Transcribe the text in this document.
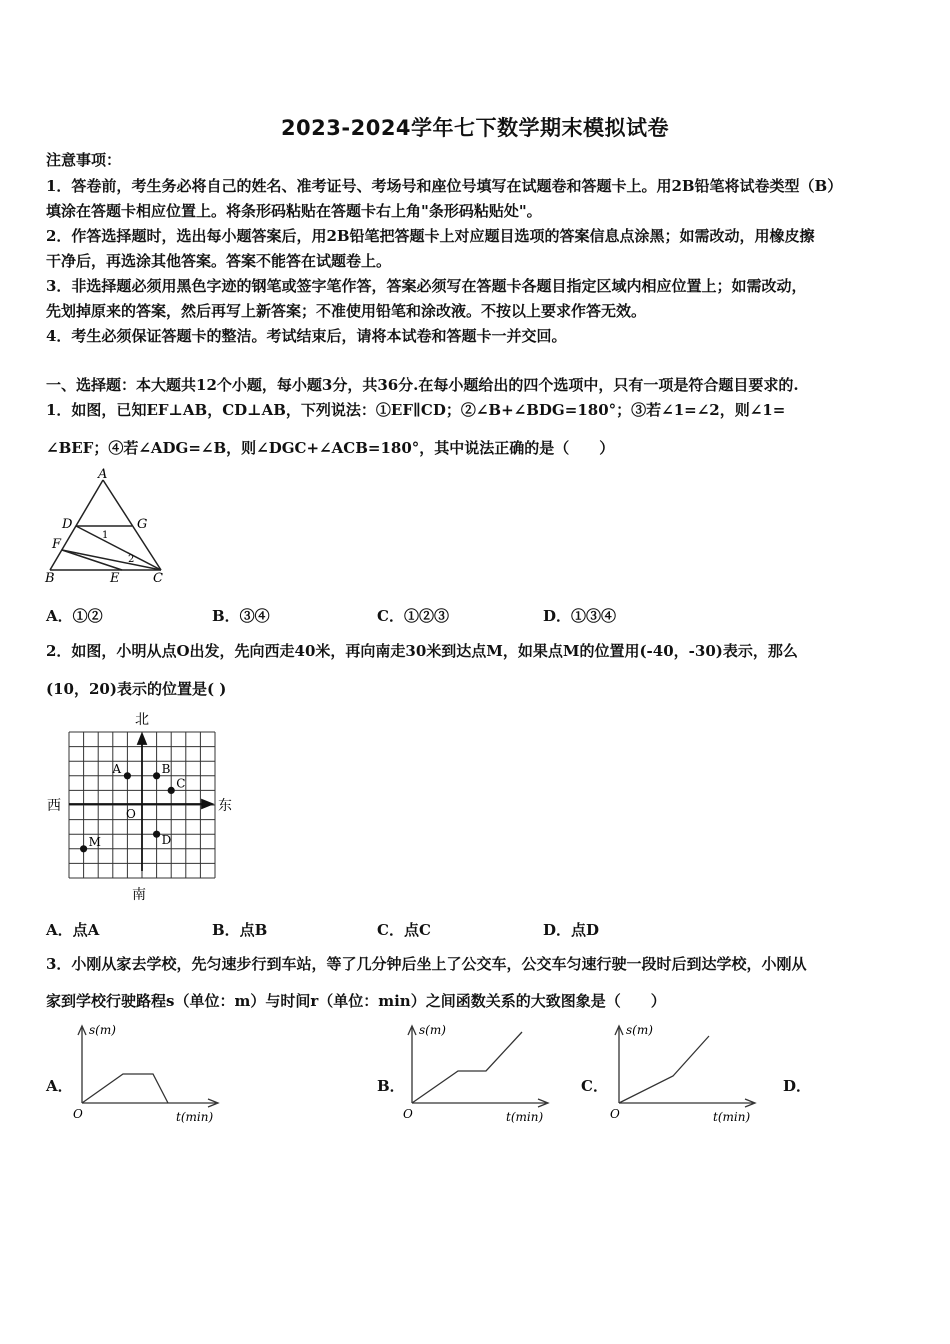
2023-2024学年七下数学期末模拟试卷
注意事项：
1．答卷前，考生务必将自己的姓名、准考证号、考场号和座位号填写在试题卷和答题卡上。用2B铅笔将试卷类型（B）
填涂在答题卡相应位置上。将条形码粘贴在答题卡右上角"条形码粘贴处"。
2．作答选择题时，选出每小题答案后，用2B铅笔把答题卡上对应题目选项的答案信息点涂黑；如需改动，用橡皮擦
干净后，再选涂其他答案。答案不能答在试题卷上。
3．非选择题必须用黑色字迹的钢笔或签字笔作答，答案必须写在答题卡各题目指定区域内相应位置上；如需改动，
先划掉原来的答案，然后再写上新答案；不准使用铅笔和涂改液。不按以上要求作答无效。
4．考生必须保证答题卡的整洁。考试结束后，请将本试卷和答题卡一并交回。
一、选择题：本大题共12个小题，每小题3分，共36分.在每小题给出的四个选项中，只有一项是符合题目要求的.
1．如图，已知EF⊥AB，CD⊥AB，下列说法：①EF∥CD；②∠B+∠BDG=180°；③若∠1=∠2，则∠1=
∠BEF；④若∠ADG=∠B，则∠DGC+∠ACB=180°，其中说法正确的是（　　）
A
D	G
F
1
2
B	E	C
A．①②	B．③④	C．①②③	D．①③④
2．如图，小明从点O出发，先向西走40米，再向南走30米到达点M，如果点M的位置用(-40，-30)表示，那么
(10，20)表示的位置是( )
A	B
C
D
M
北
南
西	东
O
A．点A	B．点B	C．点C	D．点D
3．小刚从家去学校，先匀速步行到车站，等了几分钟后坐上了公交车，公交车匀速行驶一段时后到达学校，小刚从
家到学校行驶路程s（单位：m）与时间r（单位：min）之间函数关系的大致图象是（　　）
A．	B．	C．	D．
s(m)
t(min)
O
s(m)
t(min)
O
s(m)
t(min)
O
